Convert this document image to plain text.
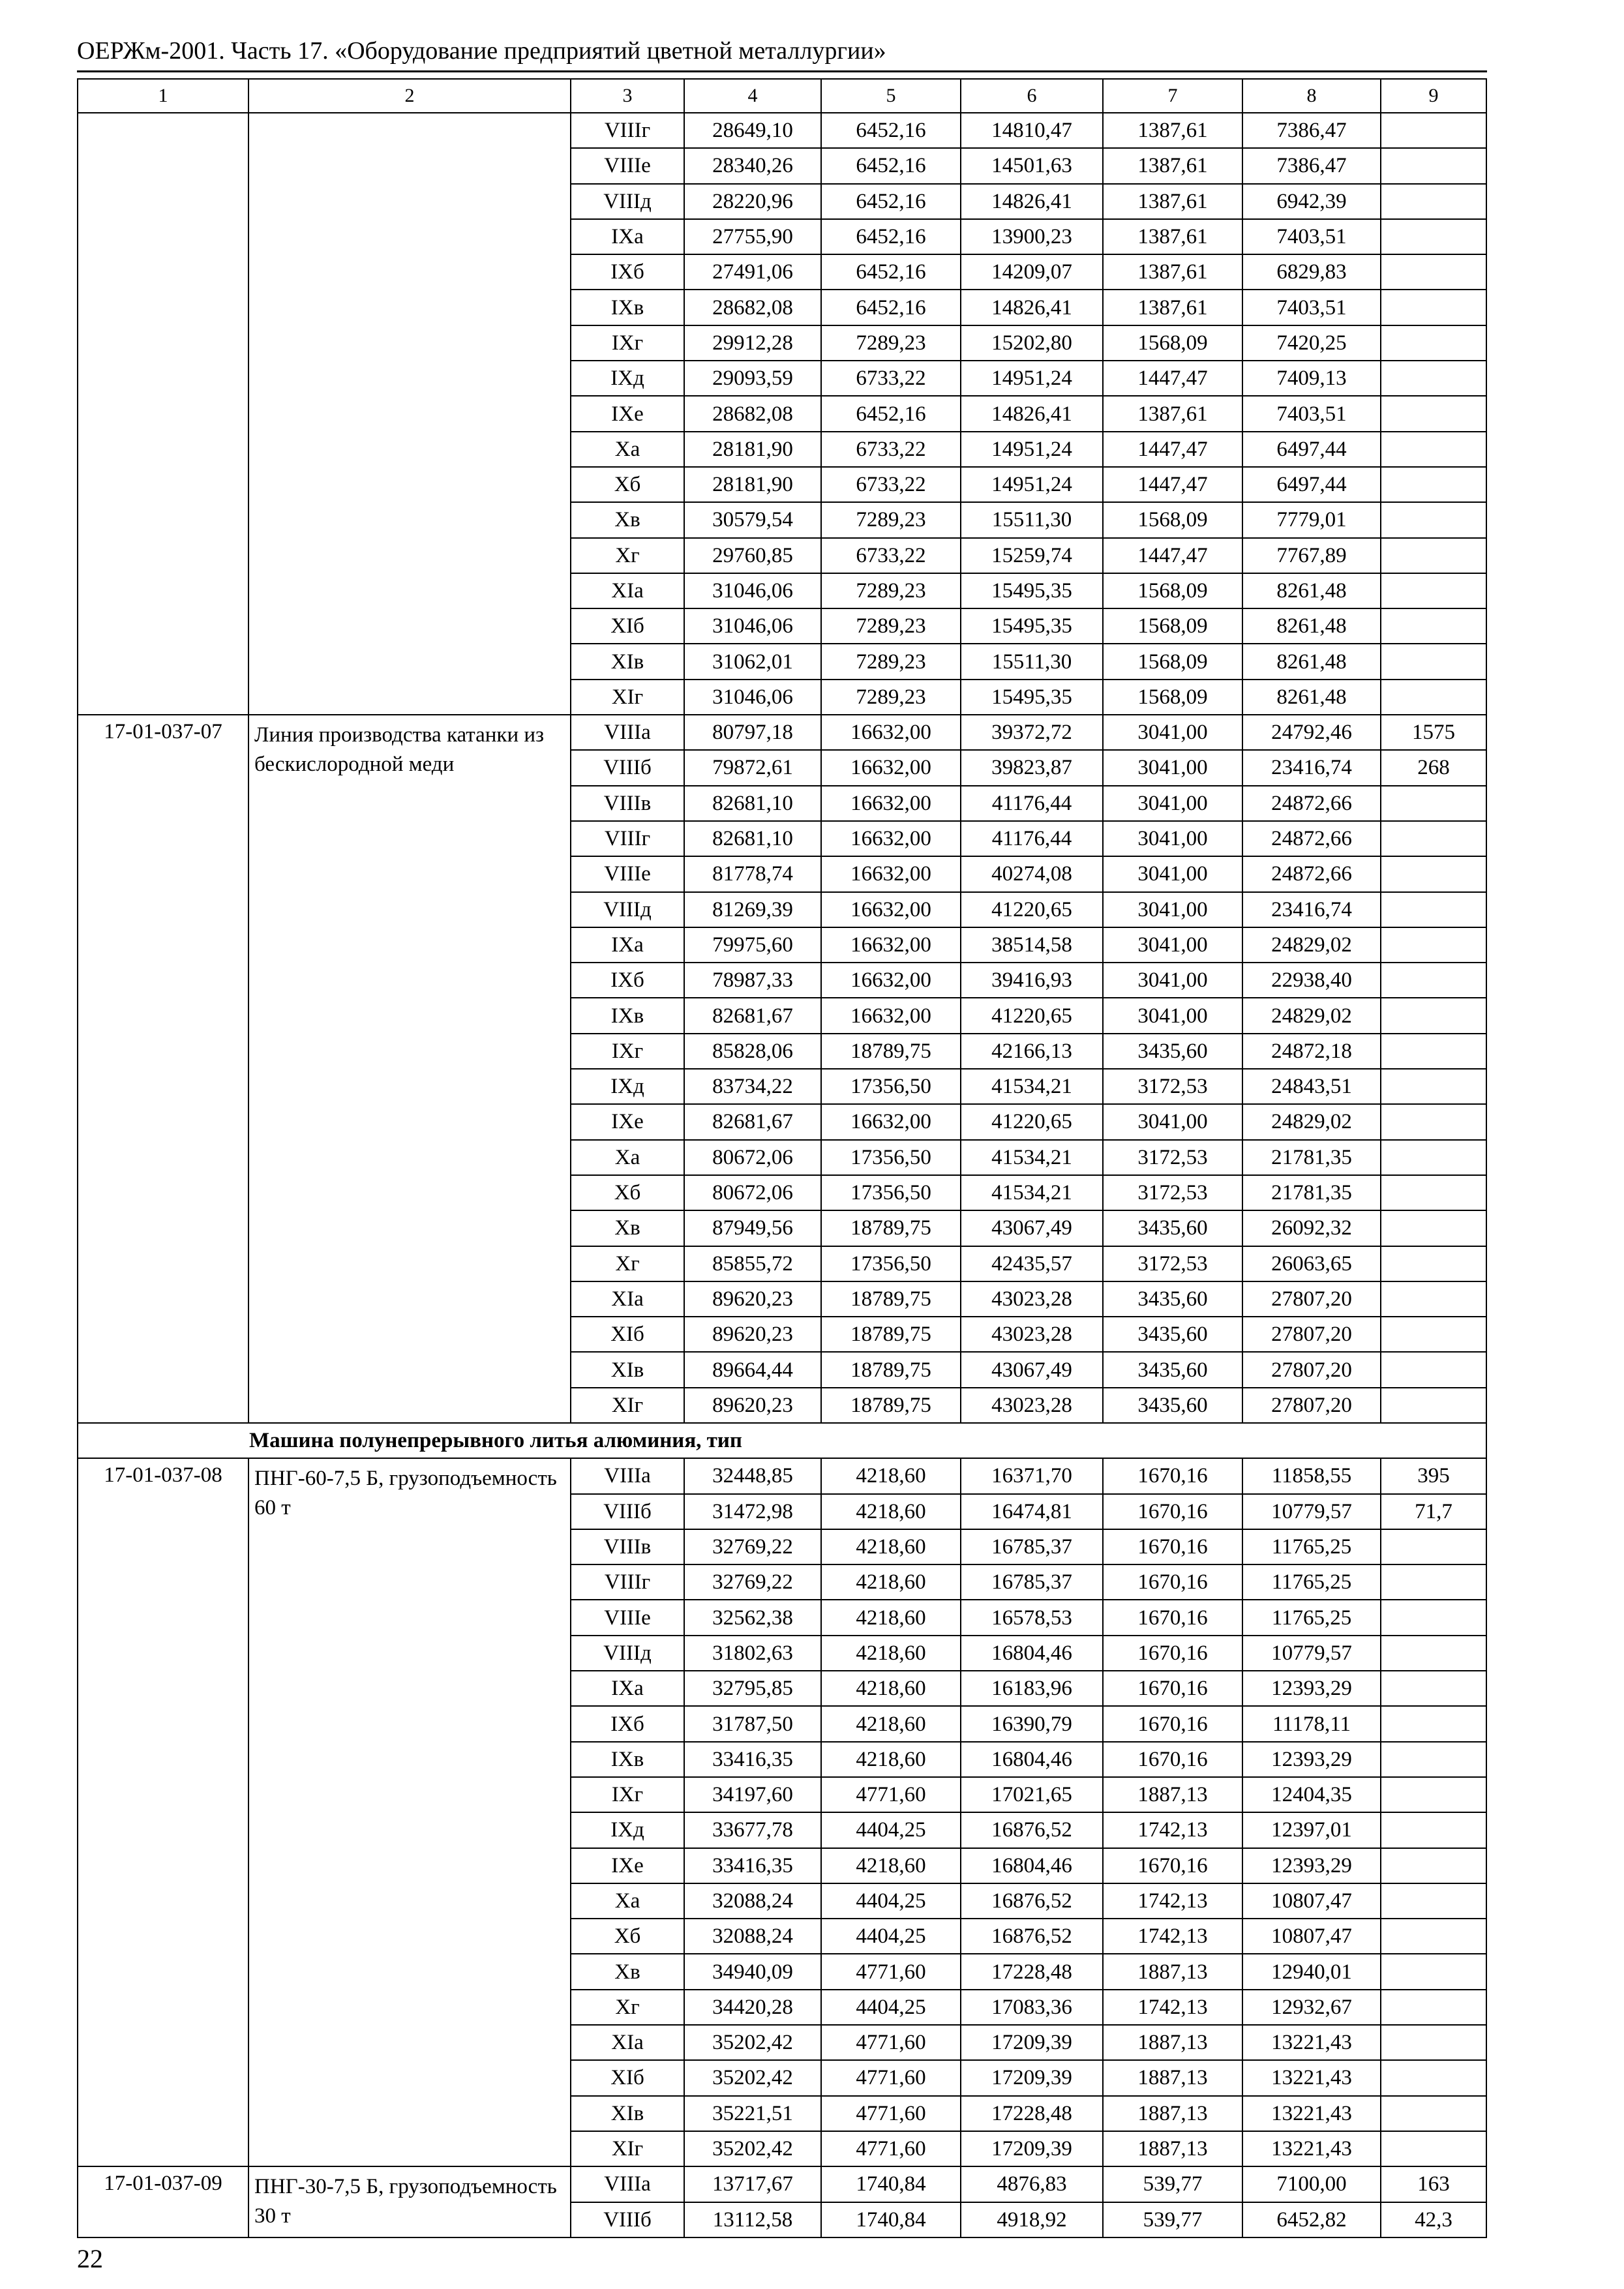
ОЕРЖм-2001. Часть 17. «Оборудование предприятий цветной металлургии»
1	2	3	4	5	6	7	8	9
		VIIIг	28649,10	6452,16	14810,47	1387,61	7386,47	
		VIIIе	28340,26	6452,16	14501,63	1387,61	7386,47	
		VIIIд	28220,96	6452,16	14826,41	1387,61	6942,39	
		IXа	27755,90	6452,16	13900,23	1387,61	7403,51	
		IXб	27491,06	6452,16	14209,07	1387,61	6829,83	
		IXв	28682,08	6452,16	14826,41	1387,61	7403,51	
		IXг	29912,28	7289,23	15202,80	1568,09	7420,25	
		IXд	29093,59	6733,22	14951,24	1447,47	7409,13	
		IXе	28682,08	6452,16	14826,41	1387,61	7403,51	
		Xа	28181,90	6733,22	14951,24	1447,47	6497,44	
		Xб	28181,90	6733,22	14951,24	1447,47	6497,44	
		Xв	30579,54	7289,23	15511,30	1568,09	7779,01	
		Xг	29760,85	6733,22	15259,74	1447,47	7767,89	
		XIа	31046,06	7289,23	15495,35	1568,09	8261,48	
		XIб	31046,06	7289,23	15495,35	1568,09	8261,48	
		XIв	31062,01	7289,23	15511,30	1568,09	8261,48	
		XIг	31046,06	7289,23	15495,35	1568,09	8261,48	
17-01-037-07	Линия производства катанки из бескислородной меди	VIIIа	80797,18	16632,00	39372,72	3041,00	24792,46	1575
		VIIIб	79872,61	16632,00	39823,87	3041,00	23416,74	268
		VIIIв	82681,10	16632,00	41176,44	3041,00	24872,66	
		VIIIг	82681,10	16632,00	41176,44	3041,00	24872,66	
		VIIIе	81778,74	16632,00	40274,08	3041,00	24872,66	
		VIIIд	81269,39	16632,00	41220,65	3041,00	23416,74	
		IXа	79975,60	16632,00	38514,58	3041,00	24829,02	
		IXб	78987,33	16632,00	39416,93	3041,00	22938,40	
		IXв	82681,67	16632,00	41220,65	3041,00	24829,02	
		IXг	85828,06	18789,75	42166,13	3435,60	24872,18	
		IXд	83734,22	17356,50	41534,21	3172,53	24843,51	
		IXе	82681,67	16632,00	41220,65	3041,00	24829,02	
		Xа	80672,06	17356,50	41534,21	3172,53	21781,35	
		Xб	80672,06	17356,50	41534,21	3172,53	21781,35	
		Xв	87949,56	18789,75	43067,49	3435,60	26092,32	
		Xг	85855,72	17356,50	42435,57	3172,53	26063,65	
		XIа	89620,23	18789,75	43023,28	3435,60	27807,20	
		XIб	89620,23	18789,75	43023,28	3435,60	27807,20	
		XIв	89664,44	18789,75	43067,49	3435,60	27807,20	
		XIг	89620,23	18789,75	43023,28	3435,60	27807,20	
Машина полунепрерывного литья алюминия, тип								
17-01-037-08	ПНГ-60-7,5 Б, грузоподъемность 60 т	VIIIа	32448,85	4218,60	16371,70	1670,16	11858,55	395
		VIIIб	31472,98	4218,60	16474,81	1670,16	10779,57	71,7
		VIIIв	32769,22	4218,60	16785,37	1670,16	11765,25	
		VIIIг	32769,22	4218,60	16785,37	1670,16	11765,25	
		VIIIе	32562,38	4218,60	16578,53	1670,16	11765,25	
		VIIIд	31802,63	4218,60	16804,46	1670,16	10779,57	
		IXа	32795,85	4218,60	16183,96	1670,16	12393,29	
		IXб	31787,50	4218,60	16390,79	1670,16	11178,11	
		IXв	33416,35	4218,60	16804,46	1670,16	12393,29	
		IXг	34197,60	4771,60	17021,65	1887,13	12404,35	
		IXд	33677,78	4404,25	16876,52	1742,13	12397,01	
		IXе	33416,35	4218,60	16804,46	1670,16	12393,29	
		Xа	32088,24	4404,25	16876,52	1742,13	10807,47	
		Xб	32088,24	4404,25	16876,52	1742,13	10807,47	
		Xв	34940,09	4771,60	17228,48	1887,13	12940,01	
		Xг	34420,28	4404,25	17083,36	1742,13	12932,67	
		XIа	35202,42	4771,60	17209,39	1887,13	13221,43	
		XIб	35202,42	4771,60	17209,39	1887,13	13221,43	
		XIв	35221,51	4771,60	17228,48	1887,13	13221,43	
		XIг	35202,42	4771,60	17209,39	1887,13	13221,43	
17-01-037-09	ПНГ-30-7,5 Б, грузоподъемность 30 т	VIIIа	13717,67	1740,84	4876,83	539,77	7100,00	163
		VIIIб	13112,58	1740,84	4918,92	539,77	6452,82	42,3
22
